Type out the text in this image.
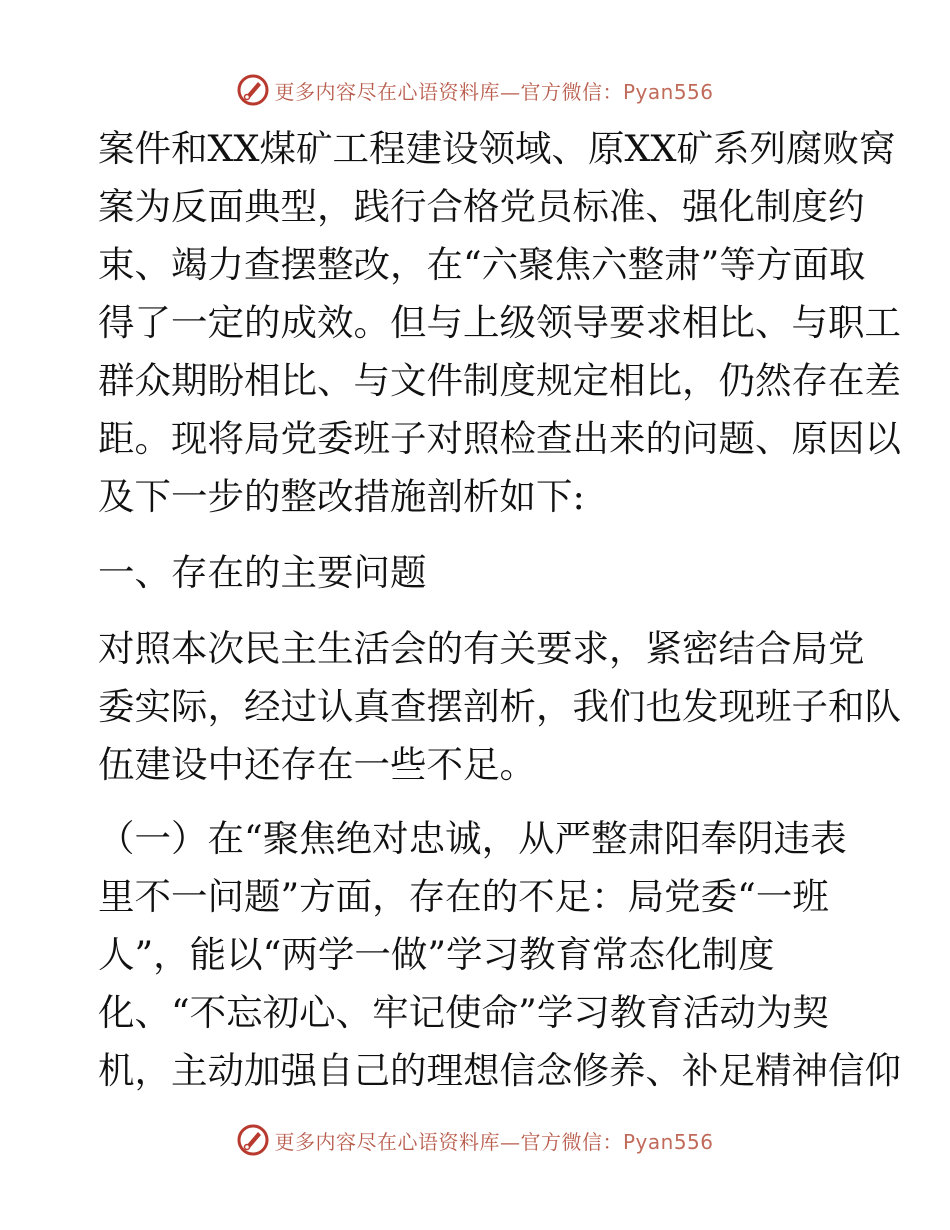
更多内容尽在心语资料库—官方微信：Pyan556
案件和XX煤矿工程建设领域、原XX矿系列腐败窝
案为反面典型，践行合格党员标准、强化制度约
束、竭力查摆整改，在“六聚焦六整肃”等方面取
得了一定的成效。但与上级领导要求相比、与职工
群众期盼相比、与文件制度规定相比，仍然存在差
距。现将局党委班子对照检查出来的问题、原因以
及下一步的整改措施剖析如下:
一、存在的主要问题
对照本次民主生活会的有关要求，紧密结合局党
委实际，经过认真查摆剖析，我们也发现班子和队
伍建设中还存在一些不足。
（一）在“聚焦绝对忠诚，从严整肃阳奉阴违表
里不一问题”方面，存在的不足：局党委“一班
人”，能以“两学一做”学习教育常态化制度
化、“不忘初心、牢记使命”学习教育活动为契
机，主动加强自己的理想信念修养、补足精神信仰
更多内容尽在心语资料库—官方微信：Pyan556
